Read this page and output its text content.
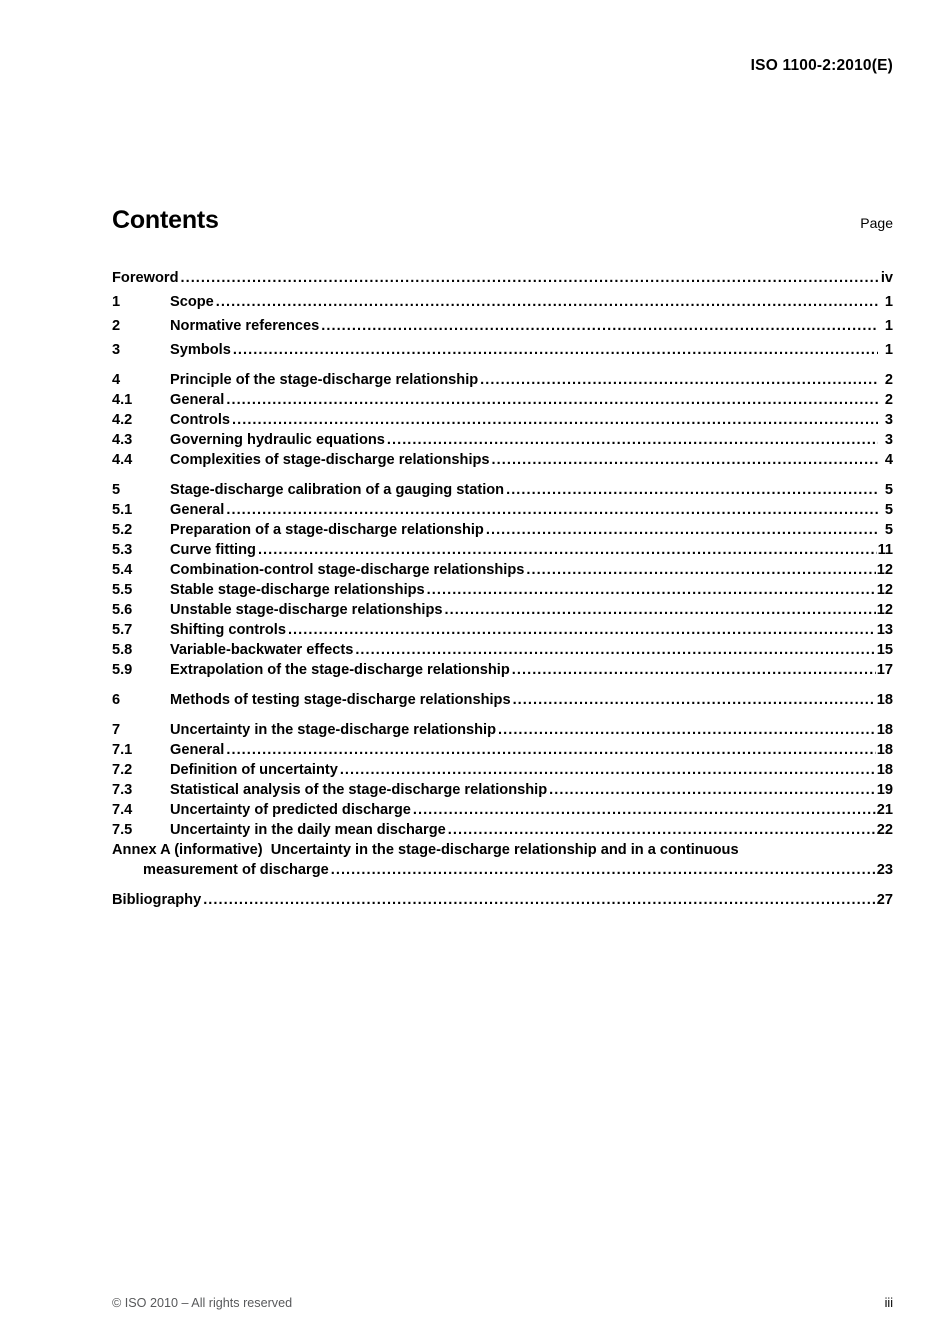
ISO 1100-2:2010(E)
Contents	Page
Foreword .....	iv
1	Scope .....	1
2	Normative references .....	1
3	Symbols .....	1
4	Principle of the stage-discharge relationship .....	2
4.1	General .....	2
4.2	Controls .....	3
4.3	Governing hydraulic equations .....	3
4.4	Complexities of stage-discharge relationships .....	4
5	Stage-discharge calibration of a gauging station .....	5
5.1	General .....	5
5.2	Preparation of a stage-discharge relationship .....	5
5.3	Curve fitting .....	11
5.4	Combination-control stage-discharge relationships .....	12
5.5	Stable stage-discharge relationships .....	12
5.6	Unstable stage-discharge relationships .....	12
5.7	Shifting controls .....	13
5.8	Variable-backwater effects .....	15
5.9	Extrapolation of the stage-discharge relationship .....	17
6	Methods of testing stage-discharge relationships .....	18
7	Uncertainty in the stage-discharge relationship .....	18
7.1	General .....	18
7.2	Definition of uncertainty .....	18
7.3	Statistical analysis of the stage-discharge relationship .....	19
7.4	Uncertainty of predicted discharge .....	21
7.5	Uncertainty in the daily mean discharge .....	22
Annex A (informative) Uncertainty in the stage-discharge relationship and in a continuous
measurement of discharge .....	23
Bibliography .....	27
© ISO 2010 – All rights reserved	iii
